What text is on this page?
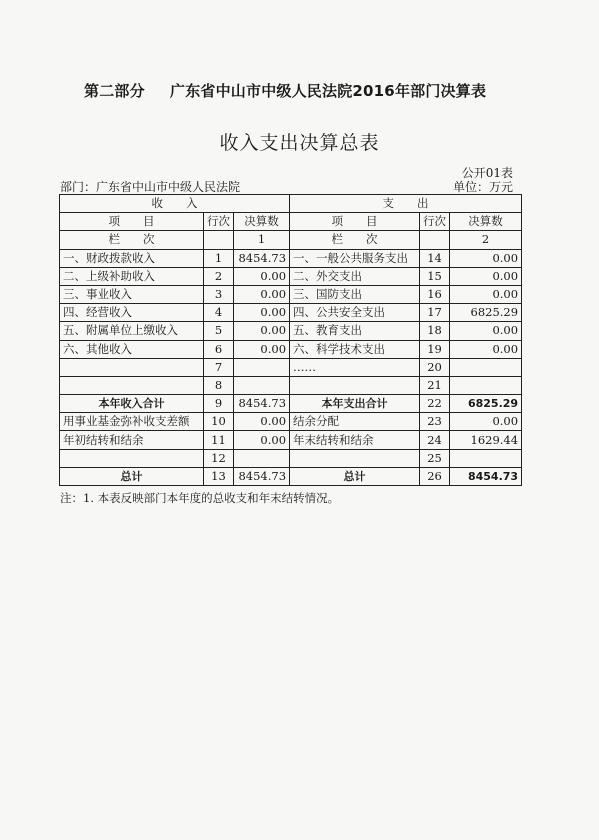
第二部分 广东省中山市中级人民法院2016年部门决算表
收入支出决算总表
公开01表
部门：广东省中山市中级人民法院	单位：万元
收　　入			支　　出		
项　　目	行次	决算数	项　　目	行次	决算数
栏　　次		1	栏　　次		2
一、财政拨款收入	1	8454.73	一、一般公共服务支出	14	0.00
二、上级补助收入	2	0.00	二、外交支出	15	0.00
三、事业收入	3	0.00	三、国防支出	16	0.00
四、经营收入	4	0.00	四、公共安全支出	17	6825.29
五、附属单位上缴收入	5	0.00	五、教育支出	18	0.00
六、其他收入	6	0.00	六、科学技术支出	19	0.00
	7		……	20	
	8			21	
本年收入合计	9	8454.73	本年支出合计	22	6825.29
用事业基金弥补收支差额	10	0.00	结余分配	23	0.00
年初结转和结余	11	0.00	年末结转和结余	24	1629.44
	12			25	
总计	13	8454.73	总计	26	8454.73
注：1. 本表反映部门本年度的总收支和年末结转情况。
